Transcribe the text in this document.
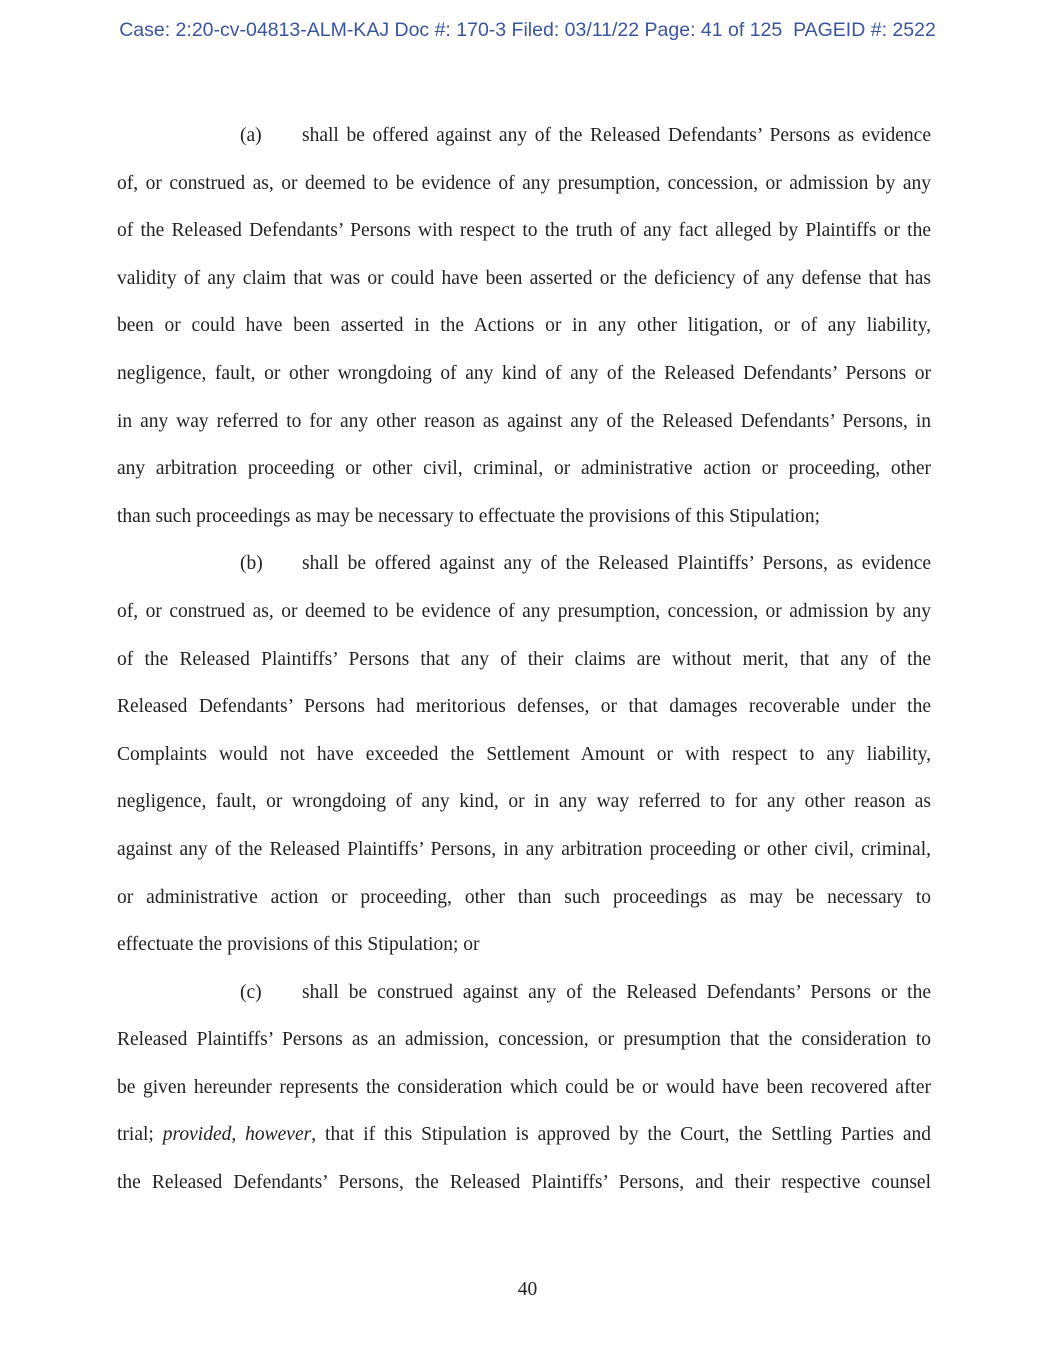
Case: 2:20-cv-04813-ALM-KAJ Doc #: 170-3 Filed: 03/11/22 Page: 41 of 125  PAGEID #: 2522
(a)	shall be offered against any of the Released Defendants’ Persons as evidence
of, or construed as, or deemed to be evidence of any presumption, concession, or admission by any
of the Released Defendants’ Persons with respect to the truth of any fact alleged by Plaintiffs or the
validity of any claim that was or could have been asserted or the deficiency of any defense that has
been or could have been asserted in the Actions or in any other litigation, or of any liability,
negligence, fault, or other wrongdoing of any kind of any of the Released Defendants’ Persons or
in any way referred to for any other reason as against any of the Released Defendants’ Persons, in
any arbitration proceeding or other civil, criminal, or administrative action or proceeding, other
than such proceedings as may be necessary to effectuate the provisions of this Stipulation;
(b)	shall be offered against any of the Released Plaintiffs’ Persons, as evidence
of, or construed as, or deemed to be evidence of any presumption, concession, or admission by any
of the Released Plaintiffs’ Persons that any of their claims are without merit, that any of the
Released Defendants’ Persons had meritorious defenses, or that damages recoverable under the
Complaints would not have exceeded the Settlement Amount or with respect to any liability,
negligence, fault, or wrongdoing of any kind, or in any way referred to for any other reason as
against any of the Released Plaintiffs’ Persons, in any arbitration proceeding or other civil, criminal,
or administrative action or proceeding, other than such proceedings as may be necessary to
effectuate the provisions of this Stipulation; or
(c)	shall be construed against any of the Released Defendants’ Persons or the
Released Plaintiffs’ Persons as an admission, concession, or presumption that the consideration to
be given hereunder represents the consideration which could be or would have been recovered after
trial; provided, however, that if this Stipulation is approved by the Court, the Settling Parties and
the Released Defendants’ Persons, the Released Plaintiffs’ Persons, and their respective counsel
40
